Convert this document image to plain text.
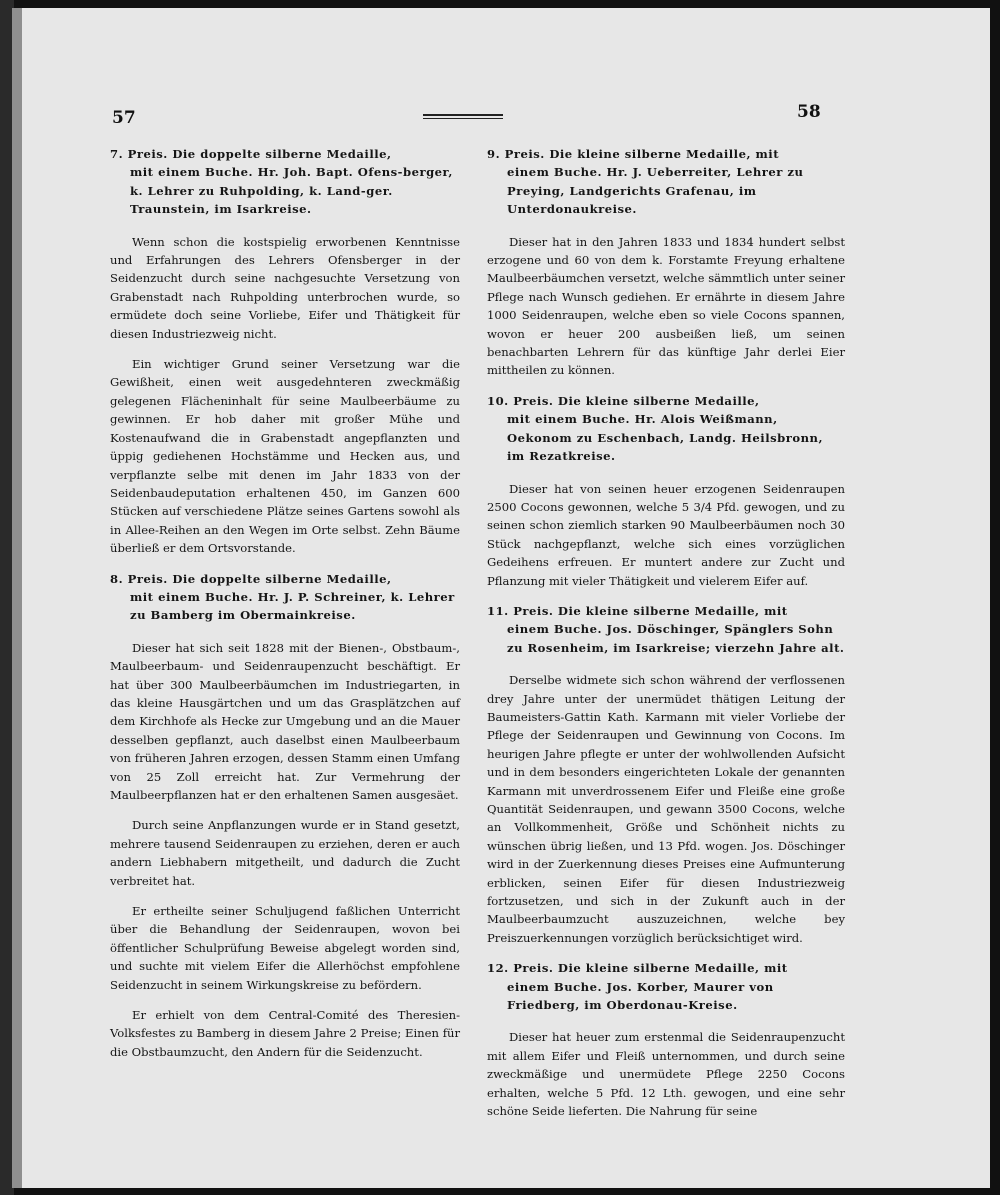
57	58
7. Preis. Die doppelte silberne Medaille,
mit einem Buche. Hr. Joh. Bapt. Ofens-berger, k. Lehrer zu Ruhpolding, k. Land-ger. Traunstein, im Isarkreise.

Wenn schon die kostspielig erworbenen Kenntnisse und Erfahrungen des Lehrers Ofensberger in der Seidenzucht durch seine nachgesuchte Versetzung von Grabenstadt nach Ruhpolding unterbrochen wurde, so ermüdete doch seine Vorliebe, Eifer und Thätigkeit für diesen Industriezweig nicht.

Ein wichtiger Grund seiner Versetzung war die Gewißheit, einen weit ausgedehnteren zweckmäßig gelegenen Flächeninhalt für seine Maulbeerbäume zu gewinnen. Er hob daher mit großer Mühe und Kostenaufwand die in Grabenstadt angepflanzten und üppig gediehenen Hochstämme und Hecken aus, und verpflanzte selbe mit denen im Jahr 1833 von der Seidenbaudeputation erhaltenen 450, im Ganzen 600 Stücken auf verschiedene Plätze seines Gartens sowohl als in Allee-Reihen an den Wegen im Orte selbst. Zehn Bäume überließ er dem Ortsvorstande.

8. Preis. Die doppelte silberne Medaille,
mit einem Buche. Hr. J. P. Schreiner, k. Lehrer zu Bamberg im Obermainkreise.

Dieser hat sich seit 1828 mit der Bienen-, Obstbaum-, Maulbeerbaum- und Seidenraupenzucht beschäftigt. Er hat über 300 Maulbeerbäumchen im Industriegarten, in das kleine Hausgärtchen und um das Grasplätzchen auf dem Kirchhofe als Hecke zur Umgebung und an die Mauer desselben gepflanzt, auch daselbst einen Maulbeerbaum von früheren Jahren erzogen, dessen Stamm einen Umfang von 25 Zoll erreicht hat. Zur Vermehrung der Maulbeerpflanzen hat er den erhaltenen Samen ausgesäet.

Durch seine Anpflanzungen wurde er in Stand gesetzt, mehrere tausend Seidenraupen zu erziehen, deren er auch andern Liebhabern mitgetheilt, und dadurch die Zucht verbreitet hat.

Er ertheilte seiner Schuljugend faßlichen Unterricht über die Behandlung der Seidenraupen, wovon bei öffentlicher Schulprüfung Beweise abgelegt worden sind, und suchte mit vielem Eifer die Allerhöchst empfohlene Seidenzucht in seinem Wirkungskreise zu befördern.

Er erhielt von dem Central-Comité des Theresien-Volksfestes zu Bamberg in diesem Jahre 2 Preise; Einen für die Obstbaumzucht, den Andern für die Seidenzucht.

9. Preis. Die kleine silberne Medaille, mit
einem Buche. Hr. J. Ueberreiter, Lehrer zu Preying, Landgerichts Grafenau, im Unterdonaukreise.

Dieser hat in den Jahren 1833 und 1834 hundert selbst erzogene und 60 von dem k. Forstamte Freyung erhaltene Maulbeerbäumchen versetzt, welche sämmtlich unter seiner Pflege nach Wunsch gediehen. Er ernährte in diesem Jahre 1000 Seidenraupen, welche eben so viele Cocons spannen, wovon er heuer 200 ausbeißen ließ, um seinen benachbarten Lehrern für das künftige Jahr derlei Eier mittheilen zu können.

10. Preis. Die kleine silberne Medaille,
mit einem Buche. Hr. Alois Weißmann, Oekonom zu Eschenbach, Landg. Heilsbronn, im Rezatkreise.

Dieser hat von seinen heuer erzogenen Seidenraupen 2500 Cocons gewonnen, welche 5 3/4 Pfd. gewogen, und zu seinen schon ziemlich starken 90 Maulbeerbäumen noch 30 Stück nachgepflanzt, welche sich eines vorzüglichen Gedeihens erfreuen. Er muntert andere zur Zucht und Pflanzung mit vieler Thätigkeit und vielerem Eifer auf.

11. Preis. Die kleine silberne Medaille, mit
einem Buche. Jos. Döschinger, Spänglers Sohn zu Rosenheim, im Isarkreise; vierzehn Jahre alt.

Derselbe widmete sich schon während der verflossenen drey Jahre unter der unermüdet thätigen Leitung der Baumeisters-Gattin Kath. Karmann mit vieler Vorliebe der Pflege der Seidenraupen und Gewinnung von Cocons. Im heurigen Jahre pflegte er unter der wohlwollenden Aufsicht und in dem besonders eingerichteten Lokale der genannten Karmann mit unverdrossenem Eifer und Fleiße eine große Quantität Seidenraupen, und gewann 3500 Cocons, welche an Vollkommenheit, Größe und Schönheit nichts zu wünschen übrig ließen, und 13 Pfd. wogen. Jos. Döschinger wird in der Zuerkennung dieses Preises eine Aufmunterung erblicken, seinen Eifer für diesen Industriezweig fortzusetzen, und sich in der Zukunft auch in der Maulbeerbaumzucht auszuzeichnen, welche bey Preiszuerkennungen vorzüglich berücksichtiget wird.

12. Preis. Die kleine silberne Medaille, mit
einem Buche. Jos. Korber, Maurer von Friedberg, im Oberdonau-Kreise.

Dieser hat heuer zum erstenmal die Seidenraupenzucht mit allem Eifer und Fleiß unternommen, und durch seine zweckmäßige und unermüdete Pflege 2250 Cocons erhalten, welche 5 Pfd. 12 Lth. gewogen, und eine sehr schöne Seide lieferten. Die Nahrung für seine
